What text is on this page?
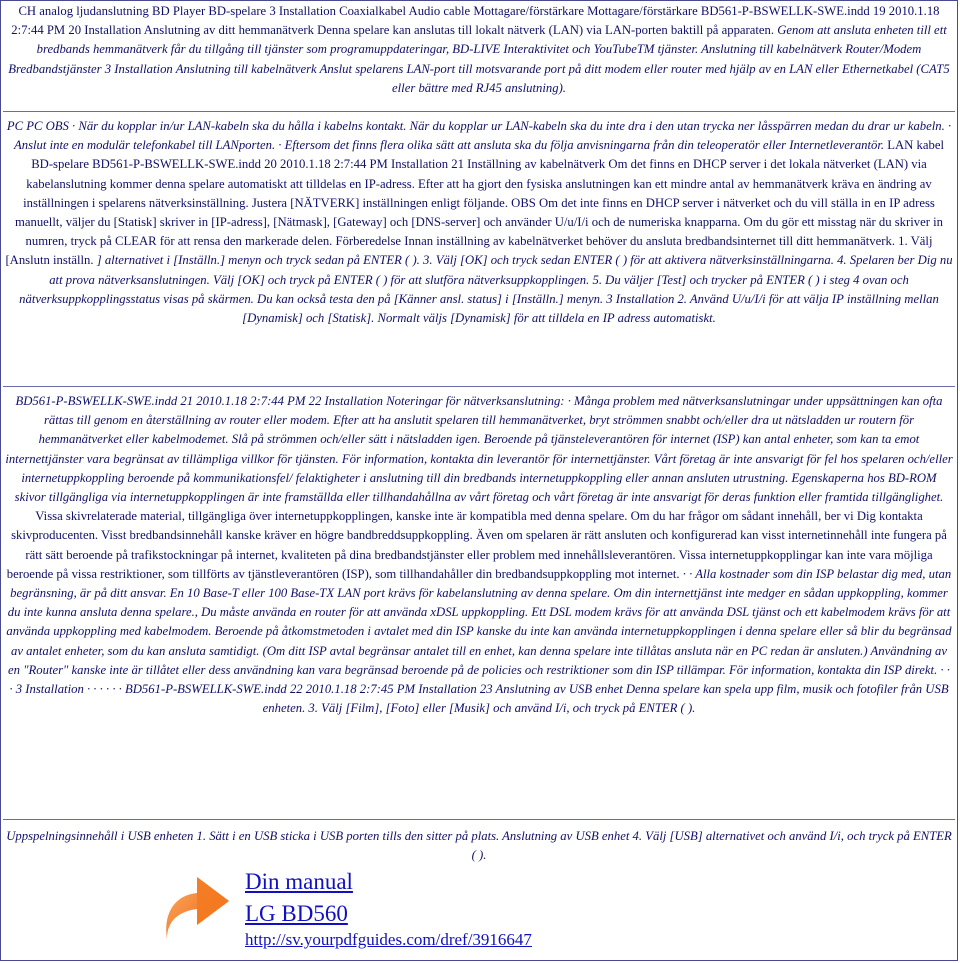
CH analog ljudanslutning BD Player BD-spelare 3 Installation Coaxialkabel Audio cable Mottagare/förstärkare Mottagare/förstärkare BD561-P-BSWELLK-SWE.indd 19 2010.1.18 2:7:44 PM 20 Installation Anslutning av ditt hemmanätverk Denna spelare kan anslutas till lokalt nätverk (LAN) via LAN-porten baktill på apparaten. Genom att ansluta enheten till ett bredbands hemmanätverk får du tillgång till tjänster som programuppdateringar, BD-LIVE Interaktivitet och YouTubeTM tjänster. Anslutning till kabelnätverk Router/Modem Bredbandstjänster 3 Installation Anslutning till kabelnätverk Anslut spelarens LAN-port till motsvarande port på ditt modem eller router med hjälp av en LAN eller Ethernetkabel (CAT5 eller bättre med RJ45 anslutning).
PC PC OBS · När du kopplar in/ur LAN-kabeln ska du hålla i kabelns kontakt. När du kopplar ur LAN-kabeln ska du inte dra i den utan trycka ner låsspärren medan du drar ur kabeln. · Anslut inte en modulär telefonkabel till LANporten. · Eftersom det finns flera olika sätt att ansluta ska du följa anvisningarna från din teleoperatör eller Internetleverantör. LAN kabel BD-spelare BD561-P-BSWELLK-SWE.indd 20 2010.1.18 2:7:44 PM Installation 21 Inställning av kabelnätverk Om det finns en DHCP server i det lokala nätverket (LAN) via kabelanslutning kommer denna spelare automatiskt att tilldelas en IP-adress. Efter att ha gjort den fysiska anslutningen kan ett mindre antal av hemmanätverk kräva en ändring av inställningen i spelarens nätverksinställning. Justera [NÄTVERK] inställningen enligt följande. OBS Om det inte finns en DHCP server i nätverket och du vill ställa in en IP adress manuellt, väljer du [Statisk] skriver in [IP-adress], [Nätmask], [Gateway] och [DNS-server] och använder U/u/I/i och de numeriska knapparna. Om du gör ett misstag när du skriver in numren, tryck på CLEAR för att rensa den markerade delen. Förberedelse Innan inställning av kabelnätverket behöver du ansluta bredbandsinternet till ditt hemmanätverk. 1. Välj [Anslutn inställn. ] alternativet i [Inställn.] menyn och tryck sedan på ENTER ( ). 3. Välj [OK] och tryck sedan ENTER ( ) för att aktivera nätverksinställningarna. 4. Spelaren ber Dig nu att prova nätverksanslutningen. Välj [OK] och tryck på ENTER ( ) för att slutföra nätverksuppkopplingen. 5. Du väljer [Test] och trycker på ENTER ( ) i steg 4 ovan och nätverksuppkopplingsstatus visas på skärmen. Du kan också testa den på [Känner ansl. status] i [Inställn.] menyn. 3 Installation 2. Använd U/u/I/i för att välja IP inställning mellan [Dynamisk] och [Statisk]. Normalt väljs [Dynamisk] för att tilldela en IP adress automatiskt.
BD561-P-BSWELLK-SWE.indd 21 2010.1.18 2:7:44 PM 22 Installation Noteringar för nätverksanslutning: · Många problem med nätverksanslutningar under uppsättningen kan ofta rättas till genom en återställning av router eller modem. Efter att ha anslutit spelaren till hemmanätverket, bryt strömmen snabbt och/eller dra ut nätsladden ur routern för hemmanätverket eller kabelmodemet. Slå på strömmen och/eller sätt i nätsladden igen. Beroende på tjänsteleverantören för internet (ISP) kan antal enheter, som kan ta emot internettjänster vara begränsat av tillämpliga villkor för tjänsten. För information, kontakta din leverantör för internettjänster. Vårt företag är inte ansvarigt för fel hos spelaren och/eller internetuppkoppling beroende på kommunikationsfel/ felaktigheter i anslutning till din bredbands internetuppkoppling eller annan ansluten utrustning. Egenskaperna hos BD-ROM skivor tillgängliga via internetuppkopplingen är inte framställda eller tillhandahållna av vårt företag och vårt företag är inte ansvarigt för deras funktion eller framtida tillgänglighet. Vissa skivrelaterade material, tillgängliga över internetuppkopplingen, kanske inte är kompatibla med denna spelare. Om du har frågor om sådant innehåll, ber vi Dig kontakta skivproducenten. Visst bredbandsinnehåll kanske kräver en högre bandbreddsuppkoppling. Även om spelaren är rätt ansluten och konfigurerad kan visst internetinnehåll inte fungera på rätt sätt beroende på trafikstockningar på internet, kvaliteten på dina bredbandstjänster eller problem med innehållsleverantören. Vissa internetuppkopplingar kan inte vara möjliga beroende på vissa restriktioner, som tillförts av tjänstleverantören (ISP), som tillhandahåller din bredbandsuppkoppling mot internet. · · Alla kostnader som din ISP belastar dig med, utan begränsning, är på ditt ansvar. En 10 Base-T eller 100 Base-TX LAN port krävs för kabelanslutning av denna spelare. Om din internettjänst inte medger en sådan uppkoppling, kommer du inte kunna ansluta denna spelare., Du måste använda en router för att använda xDSL uppkoppling. Ett DSL modem krävs för att använda DSL tjänst och ett kabelmodem krävs för att använda uppkoppling med kabelmodem. Beroende på åtkomstmetoden i avtalet med din ISP kanske du inte kan använda internetuppkopplingen i denna spelare eller så blir du begränsad av antalet enheter, som du kan ansluta samtidigt. (Om ditt ISP avtal begränsar antalet till en enhet, kan denna spelare inte tillåtas ansluta när en PC redan är ansluten.) Användning av en "Router" kanske inte är tillåtet eller dess användning kan vara begränsad beroende på de policies och restriktioner som din ISP tillämpar. För information, kontakta din ISP direkt. · · · 3 Installation · · · · · · BD561-P-BSWELLK-SWE.indd 22 2010.1.18 2:7:45 PM Installation 23 Anslutning av USB enhet Denna spelare kan spela upp film, musik och fotofiler från USB enheten. 3. Välj [Film], [Foto] eller [Musik] och använd I/i, och tryck på ENTER ( ).
Uppspelningsinnehåll i USB enheten 1. Sätt i en USB sticka i USB porten tills den sitter på plats. Anslutning av USB enhet 4. Välj [USB] alternativet och använd I/i, och tryck på ENTER ( ).
Din manual
LG BD560
http://sv.yourpdfguides.com/dref/3916647
